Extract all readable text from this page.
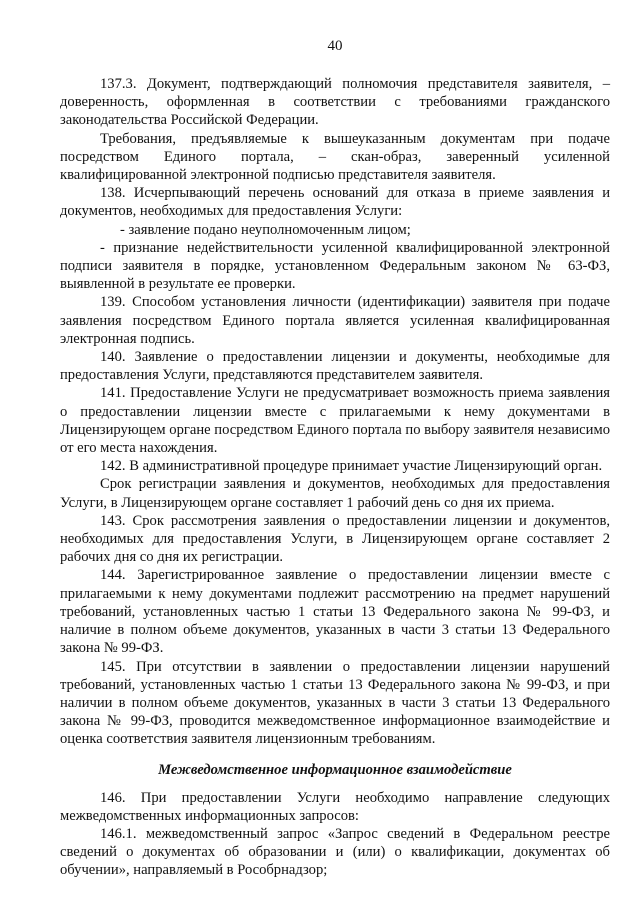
40

137.3. Документ, подтверждающий полномочия представителя заявителя, – доверенность, оформленная в соответствии с требованиями гражданского законодательства Российской Федерации.

Требования, предъявляемые к вышеуказанным документам при подаче посредством Единого портала, – скан-образ, заверенный усиленной квалифицированной электронной подписью представителя заявителя.

138. Исчерпывающий перечень оснований для отказа в приеме заявления и документов, необходимых для предоставления Услуги:

- заявление подано неуполномоченным лицом;

- признание недействительности усиленной квалифицированной электронной подписи заявителя в порядке, установленном Федеральным законом № 63-ФЗ, выявленной в результате ее проверки.

139. Способом установления личности (идентификации) заявителя при подаче заявления посредством Единого портала является усиленная квалифицированная электронная подпись.

140. Заявление о предоставлении лицензии и документы, необходимые для предоставления Услуги, представляются представителем заявителя.

141. Предоставление Услуги не предусматривает возможность приема заявления о предоставлении лицензии вместе с прилагаемыми к нему документами в Лицензирующем органе посредством Единого портала по выбору заявителя независимо от его места нахождения.

142. В административной процедуре принимает участие Лицензирующий орган.

Срок регистрации заявления и документов, необходимых для предоставления Услуги, в Лицензирующем органе составляет 1 рабочий день со дня их приема.

143. Срок рассмотрения заявления о предоставлении лицензии и документов, необходимых для предоставления Услуги, в Лицензирующем органе составляет 2 рабочих дня со дня их регистрации.

144. Зарегистрированное заявление о предоставлении лицензии вместе с прилагаемыми к нему документами подлежит рассмотрению на предмет нарушений требований, установленных частью 1 статьи 13 Федерального закона № 99-ФЗ, и наличие в полном объеме документов, указанных в части 3 статьи 13 Федерального закона № 99-ФЗ.

145. При отсутствии в заявлении о предоставлении лицензии нарушений требований, установленных частью 1 статьи 13 Федерального закона № 99-ФЗ, и при наличии в полном объеме документов, указанных в части 3 статьи 13 Федерального закона № 99-ФЗ, проводится межведомственное информационное взаимодействие и оценка соответствия заявителя лицензионным требованиям.

Межведомственное информационное взаимодействие

146. При предоставлении Услуги необходимо направление следующих межведомственных информационных запросов:

146.1. межведомственный запрос «Запрос сведений в Федеральном реестре сведений о документах об образовании и (или) о квалификации, документах об обучении», направляемый в Рособрнадзор;
